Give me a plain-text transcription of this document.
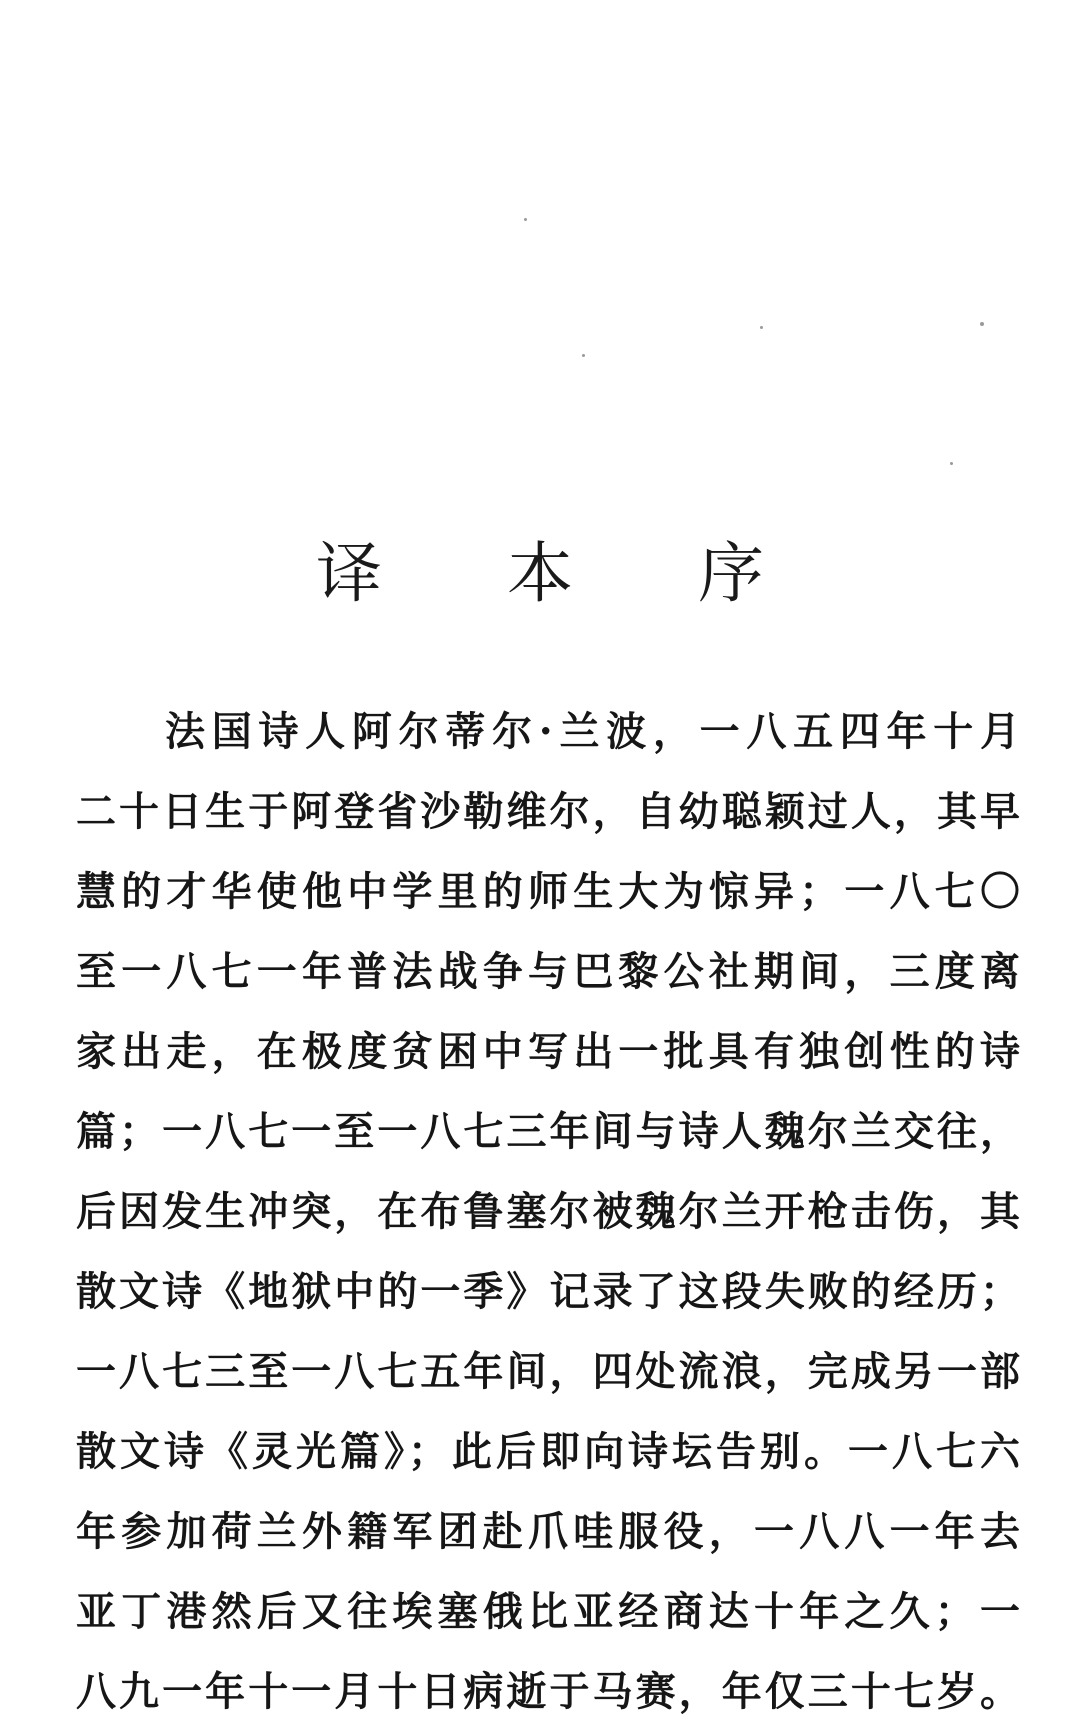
译 本 序
法国诗人阿尔蒂尔·兰波，一八五四年十月
二十日生于阿登省沙勒维尔，自幼聪颖过人，其早
慧的才华使他中学里的师生大为惊异；一八七〇
至一八七一年普法战争与巴黎公社期间，三度离
家出走，在极度贫困中写出一批具有独创性的诗
篇；一八七一至一八七三年间与诗人魏尔兰交往，
后因发生冲突，在布鲁塞尔被魏尔兰开枪击伤，其
散文诗《地狱中的一季》记录了这段失败的经历；
一八七三至一八七五年间，四处流浪，完成另一部
散文诗《灵光篇》；此后即向诗坛告别。一八七六
年参加荷兰外籍军团赴爪哇服役，一八八一年去
亚丁港然后又往埃塞俄比亚经商达十年之久；一
八九一年十一月十日病逝于马赛，年仅三十七岁。
